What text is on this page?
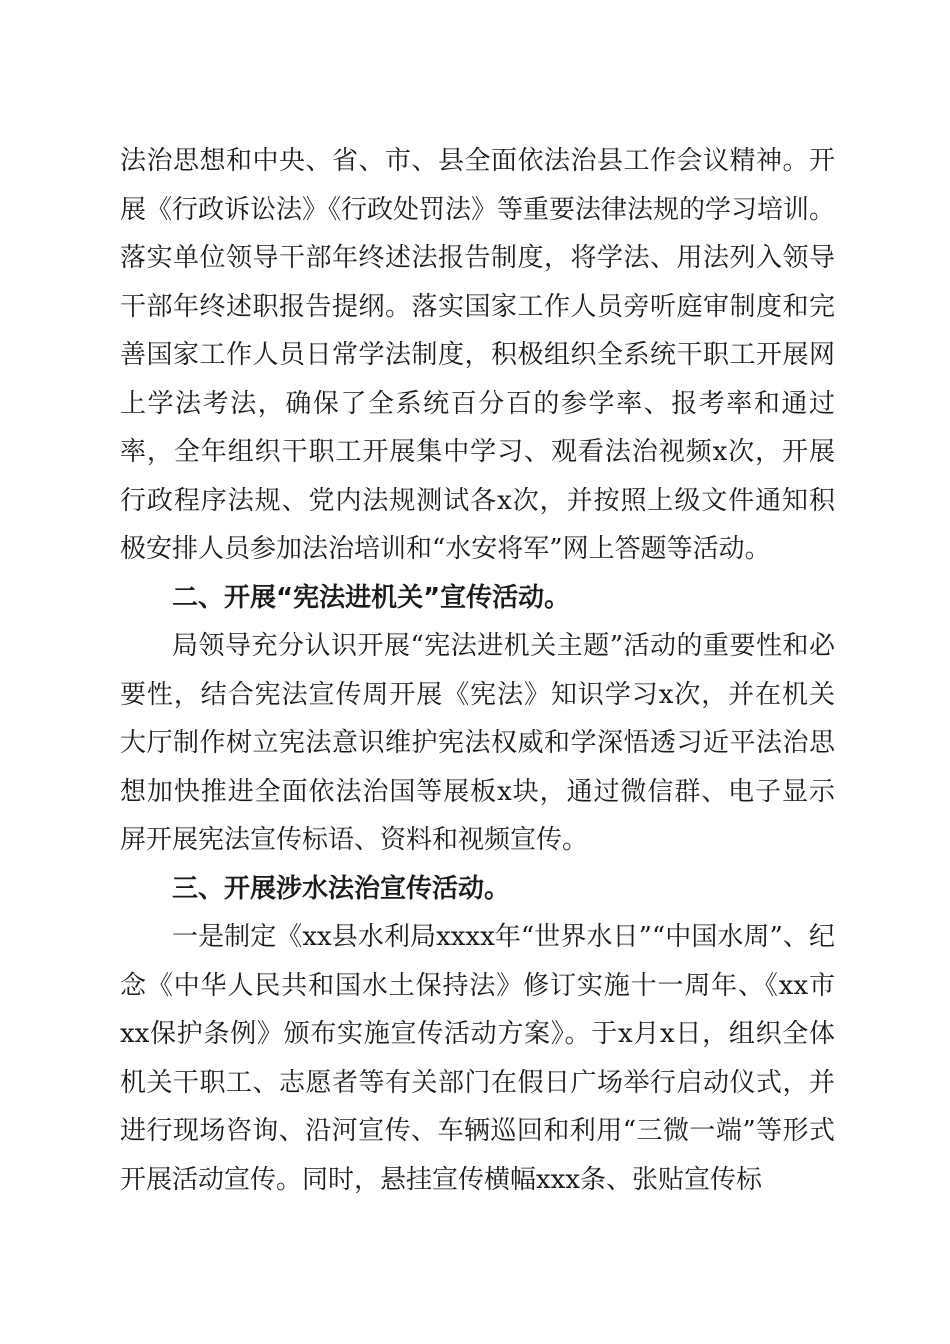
法治思想和中央、省、市、县全面依法治县工作会议精神。开展《行政诉讼法》《行政处罚法》等重要法律法规的学习培训。落实单位领导干部年终述法报告制度，将学法、用法列入领导干部年终述职报告提纲。落实国家工作人员旁听庭审制度和完善国家工作人员日常学法制度，积极组织全系统干职工开展网上学法考法，确保了全系统百分百的参学率、报考率和通过率，全年组织干职工开展集中学习、观看法治视频x次，开展行政程序法规、党内法规测试各x次，并按照上级文件通知积极安排人员参加法治培训和“水安将军”网上答题等活动。

二、开展“宪法进机关”宣传活动。

局领导充分认识开展“宪法进机关主题”活动的重要性和必要性，结合宪法宣传周开展《宪法》知识学习x次，并在机关大厅制作树立宪法意识维护宪法权威和学深悟透习近平法治思想加快推进全面依法治国等展板x块，通过微信群、电子显示屏开展宪法宣传标语、资料和视频宣传。

三、开展涉水法治宣传活动。

一是制定《xx县水利局xxxx年“世界水日”“中国水周”、纪念《中华人民共和国水土保持法》修订实施十一周年、《xx市xx保护条例》颁布实施宣传活动方案》。于x月x日，组织全体机关干职工、志愿者等有关部门在假日广场举行启动仪式，并进行现场咨询、沿河宣传、车辆巡回和利用“三微一端”等形式开展活动宣传。同时，悬挂宣传横幅xxx条、张贴宣传标
